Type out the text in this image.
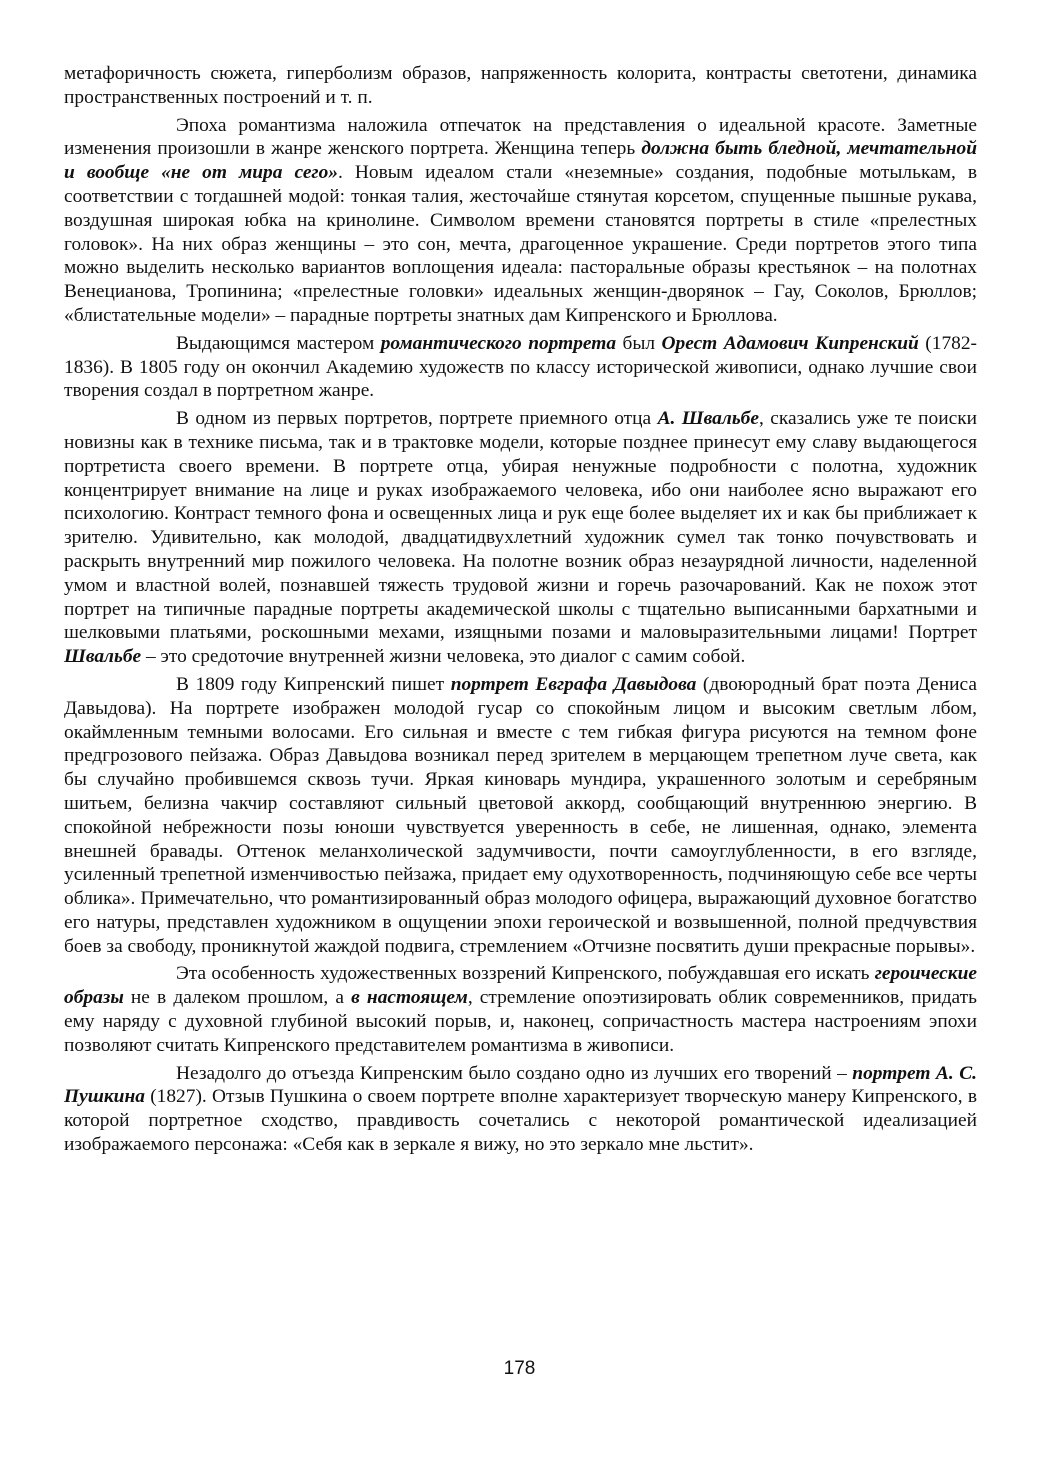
метафоричность сюжета, гиперболизм образов, напряженность колорита, контрасты светотени, динамика пространственных построений и т. п.

Эпоха романтизма наложила отпечаток на представления о идеальной красоте. Заметные изменения произошли в жанре женского портрета. Женщина теперь должна быть бледной, мечтательной и вообще «не от мира сего». Новым идеалом стали «неземные» создания, подобные мотылькам, в соответствии с тогдашней модой: тонкая талия, жесточайше стянутая корсетом, спущенные пышные рукава, воздушная широкая юбка на кринолине. Символом времени становятся портреты в стиле «прелестных головок». На них образ женщины – это сон, мечта, драгоценное украшение. Среди портретов этого типа можно выделить несколько вариантов воплощения идеала: пасторальные образы крестьянок – на полотнах Венецианова, Тропинина; «прелестные головки» идеальных женщин-дворянок – Гау, Соколов, Брюллов; «блистательные модели» – парадные портреты знатных дам Кипренского и Брюллова.

Выдающимся мастером романтического портрета был Орест Адамович Кипренский (1782-1836). В 1805 году он окончил Академию художеств по классу исторической живописи, однако лучшие свои творения создал в портретном жанре.

В одном из первых портретов, портрете приемного отца А. Швальбе, сказались уже те поиски новизны как в технике письма, так и в трактовке модели, которые позднее принесут ему славу выдающегося портретиста своего времени. В портрете отца, убирая ненужные подробности с полотна, художник концентрирует внимание на лице и руках изображаемого человека, ибо они наиболее ясно выражают его психологию. Контраст темного фона и освещенных лица и рук еще более выделяет их и как бы приближает к зрителю. Удивительно, как молодой, двадцатидвухлетний художник сумел так тонко почувствовать и раскрыть внутренний мир пожилого человека. На полотне возник образ незаурядной личности, наделенной умом и властной волей, познавшей тяжесть трудовой жизни и горечь разочарований. Как не похож этот портрет на типичные парадные портреты академической школы с тщательно выписанными бархатными и шелковыми платьями, роскошными мехами, изящными позами и маловыразительными лицами! Портрет Швальбе – это средоточие внутренней жизни человека, это диалог с самим собой.

В 1809 году Кипренский пишет портрет Евграфа Давыдова (двоюродный брат поэта Дениса Давыдова). На портрете изображен молодой гусар со спокойным лицом и высоким светлым лбом, окаймленным темными волосами. Его сильная и вместе с тем гибкая фигура рисуются на темном фоне предгрозового пейзажа. Образ Давыдова возникал перед зрителем в мерцающем трепетном луче света, как бы случайно пробившемся сквозь тучи. Яркая киноварь мундира, украшенного золотым и серебряным шитьем, белизна чакчир составляют сильный цветовой аккорд, сообщающий внутреннюю энергию. В спокойной небрежности позы юноши чувствуется уверенность в себе, не лишенная, однако, элемента внешней бравады. Оттенок меланхолической задумчивости, почти самоуглубленности, в его взгляде, усиленный трепетной изменчивостью пейзажа, придает ему одухотворенность, подчиняющую себе все черты облика». Примечательно, что романтизированный образ молодого офицера, выражающий духовное богатство его натуры, представлен художником в ощущении эпохи героической и возвышенной, полной предчувствия боев за свободу, проникнутой жаждой подвига, стремлением «Отчизне посвятить души прекрасные порывы».

Эта особенность художественных воззрений Кипренского, побуждавшая его искать героические образы не в далеком прошлом, а в настоящем, стремление опоэтизировать облик современников, придать ему наряду с духовной глубиной высокий порыв, и, наконец, сопричастность мастера настроениям эпохи позволяют считать Кипренского представителем романтизма в живописи.

Незадолго до отъезда Кипренским было создано одно из лучших его творений – портрет А. С. Пушкина (1827). Отзыв Пушкина о своем портрете вполне характеризует творческую манеру Кипренского, в которой портретное сходство, правдивость сочетались с некоторой романтической идеализацией изображаемого персонажа: «Себя как в зеркале я вижу, но это зеркало мне льстит».

178
